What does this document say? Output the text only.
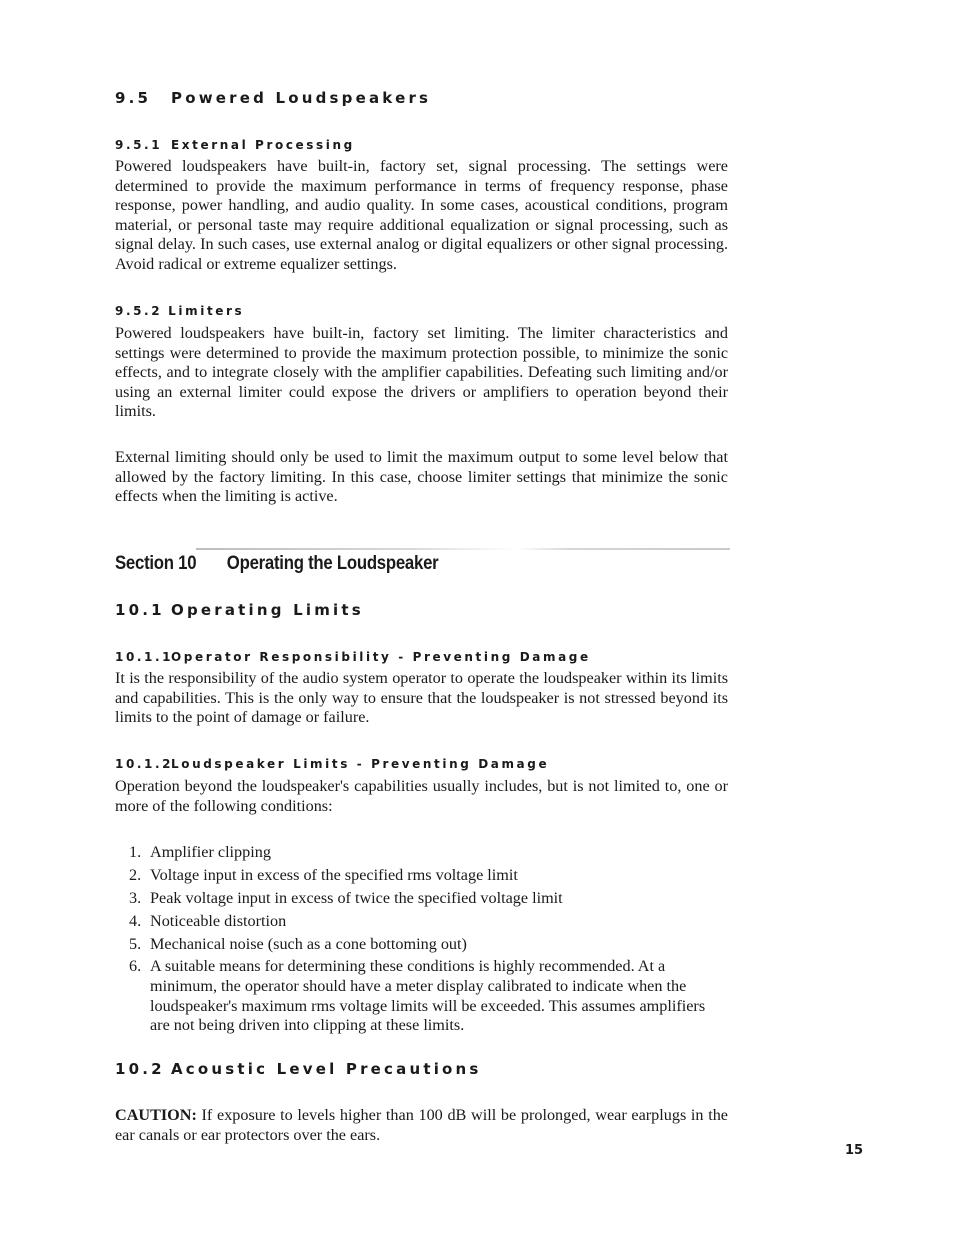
9.5 Powered Loudspeakers
9.5.1 External Processing
Powered loudspeakers have built-in, factory set, signal processing. The settings were determined to provide the maximum performance in terms of frequency response, phase response, power handling, and audio quality. In some cases, acoustical conditions, program material, or personal taste may require additional equalization or signal processing, such as signal delay. In such cases, use external analog or digital equalizers or other signal processing. Avoid radical or extreme equalizer settings.
9.5.2 Limiters
Powered loudspeakers have built-in, factory set limiting. The limiter characteristics and settings were determined to provide the maximum protection possible, to minimize the sonic effects, and to integrate closely with the amplifier capabilities. Defeating such limiting and/or using an external limiter could expose the drivers or amplifiers to operation beyond their limits.
External limiting should only be used to limit the maximum output to some level below that allowed by the factory limiting. In this case, choose limiter settings that minimize the sonic effects when the limiting is active.
Section 10 Operating the Loudspeaker
10.1 Operating Limits
10.1.1Operator Responsibility - Preventing Damage
It is the responsibility of the audio system operator to operate the loudspeaker within its limits and capabilities. This is the only way to ensure that the loudspeaker is not stressed beyond its limits to the point of damage or failure.
10.1.2Loudspeaker Limits - Preventing Damage
Operation beyond the loudspeaker's capabilities usually includes, but is not limited to, one or more of the following conditions:
1. Amplifier clipping
2. Voltage input in excess of the specified rms voltage limit
3. Peak voltage input in excess of twice the specified voltage limit
4. Noticeable distortion
5. Mechanical noise (such as a cone bottoming out)
6. A suitable means for determining these conditions is highly recommended. At a minimum, the operator should have a meter display calibrated to indicate when the loudspeaker's maximum rms voltage limits will be exceeded. This assumes amplifiers are not being driven into clipping at these limits.
10.2 Acoustic Level Precautions
CAUTION: If exposure to levels higher than 100 dB will be prolonged, wear earplugs in the ear canals or ear protectors over the ears.
15
